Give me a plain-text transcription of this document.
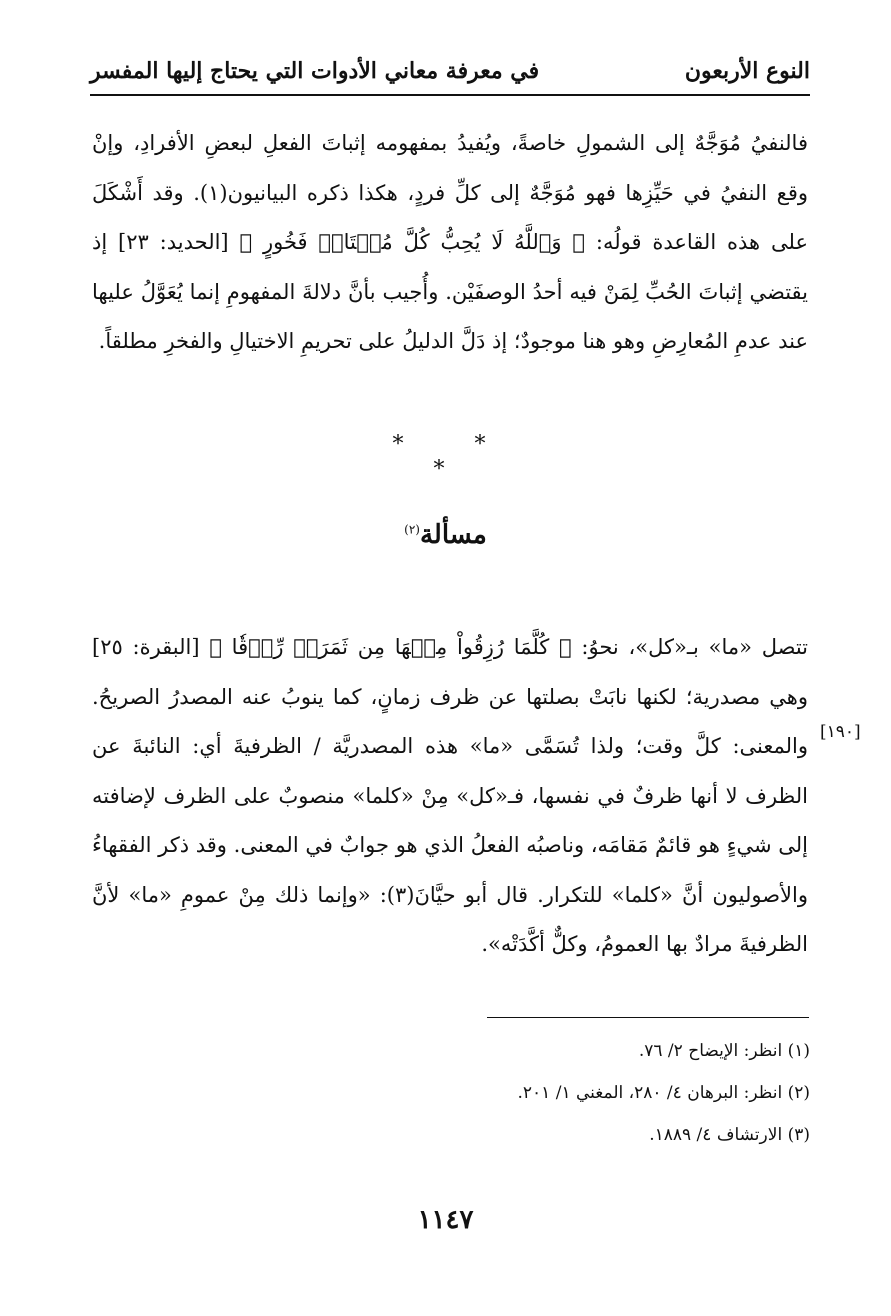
النوع الأربعون
في معرفة معاني الأدوات التي يحتاج إليها المفسر
فالنفيُ مُوَجَّهٌ إلى الشمولِ خاصةً، ويُفيدُ بمفهومه إثباتَ الفعلِ لبعضِ الأفرادِ، وإنْ وقع النفيُ في حَيِّزِها فهو مُوَجَّهٌ إلى كلِّ فردٍ، هكذا ذكره البيانيون(١). وقد أَشْكَلَ على هذه القاعدة قولُه: ﴿ وَٱللَّهُ لَا يُحِبُّ كُلَّ مُخۡتَالٖ فَخُورٍ ﴾ [الحديد: ٢٣] إذ يقتضي إثباتَ الحُبِّ لِمَنْ فيه أحدُ الوصفَيْن. وأُجيب بأنَّ دلالةَ المفهومِ إنما يُعَوَّلُ عليها عند عدمِ المُعارِضِ وهو هنا موجودٌ؛ إذ دَلَّ الدليلُ على تحريمِ الاختيالِ والفخرِ مطلقاً.
* * *
مسألة$^{(٢)}$
تتصل «ما» بـ«كل»، نحوُ: ﴿ كُلَّمَا رُزِقُواْ مِنۡهَا مِن ثَمَرَةٖ رِّزۡقٗا ﴾ [البقرة: ٢٥] وهي مصدرية؛ لكنها نابَتْ بصلتها عن ظرف زمانٍ، كما ينوبُ عنه المصدرُ الصريحُ. والمعنى: كلَّ وقت؛ ولذا تُسَمَّى «ما» هذه المصدريَّة / الظرفيةَ أي: النائبةَ عن الظرف لا أنها ظرفٌ في نفسها، فـ«كل» مِنْ «كلما» منصوبٌ على الظرف لإضافته إلى شيءٍ هو قائمٌ مَقامَه، وناصبُه الفعلُ الذي هو جوابٌ في المعنى. وقد ذكر الفقهاءُ والأصوليون أنَّ «كلما» للتكرار. قال أبو حيَّانَ(٣): «وإنما ذلك مِنْ عمومِ «ما» لأنَّ الظرفيةَ مرادٌ بها العمومُ، وكلٌّ أكَّدَتْه».
[١٩٠]
(١) انظر: الإيضاح ٢/ ٧٦.
(٢) انظر: البرهان ٤/ ٢٨٠، المغني ١/ ٢٠١.
(٣) الارتشاف ٤/ ١٨٨٩.
١١٤٧
